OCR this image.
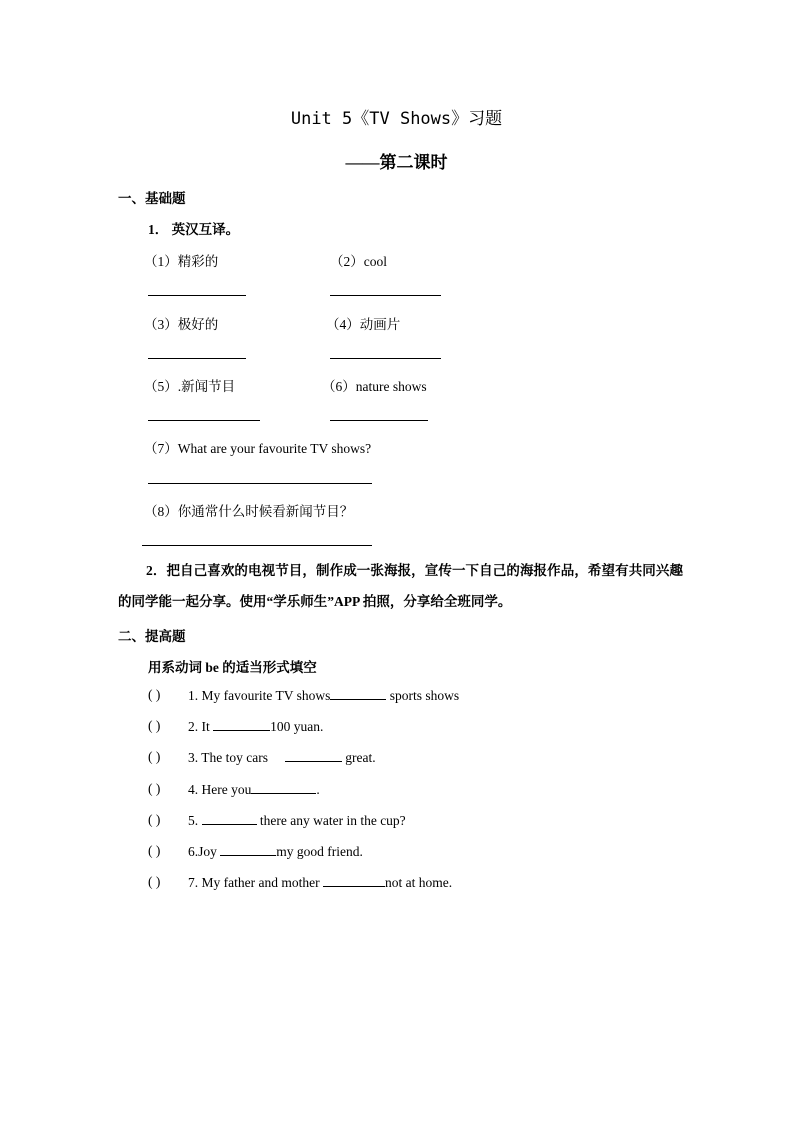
Unit 5《TV Shows》习题
——第二课时
一、基础题
1． 英汉互译。
（1）精彩的	（2）cool
（3）极好的	（4）动画片
（5）.新闻节目	（6）nature shows
（7）What are your favourite TV shows?
（8）你通常什么时候看新闻节目？
2．把自己喜欢的电视节目，制作成一张海报，宣传一下自己的海报作品，希望有共同兴趣的同学能一起分享。使用“学乐师生”APP 拍照，分享给全班同学。
二、提高题
用系动词 be 的适当形式填空
( ) 1. My favourite TV shows	sports shows
( ) 2. It	100 yuan.
( ) 3. The toy cars	great.
( ) 4. Here you	.
( ) 5.	there any water in the cup?
( ) 6.Joy	my good friend.
( ) 7. My father and mother	not at home.
